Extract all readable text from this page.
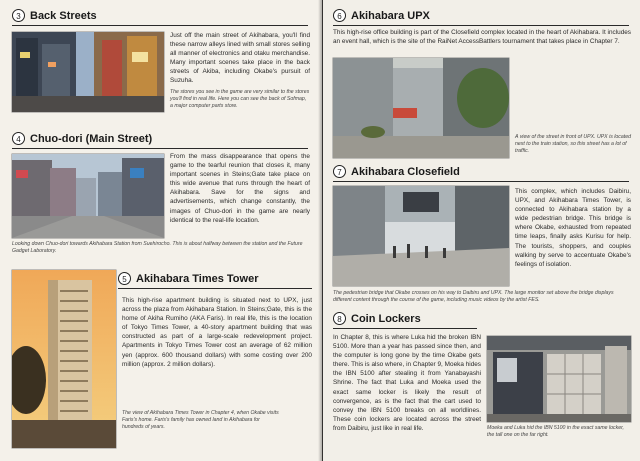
3 Back Streets
Just off the main street of Akihabara, you'll find these narrow alleys lined with small stores selling all manner of electronics and otaku merchandise. Many important scenes take place in the back streets of Akiba, including Okabe's pursuit of Suzuha.
The stores you see in the game are very similar to the stores you'll find in real life. Here you can see the back of Sofmap, a major computer parts store.
4 Chuo-dori (Main Street)
From the mass disappearance that opens the game to the tearful reunion that closes it, many important scenes in Steins;Gate take place on this wide avenue that runs through the heart of Akihabara. Save for the signs and advertisements, which change constantly, the images of Chuo-dori in the game are nearly identical to the real-life location.
Looking down Chuo-dori towards Akihabara Station from Suehirocho. This is about halfway between the station and the Future Gadget Laboratory.
5 Akihabara Times Tower
This high-rise apartment building is situated next to UPX, just across the plaza from Akihabara Station. In Steins;Gate, this is the home of Akiha Rumiho (AKA Faris). In real life, this is the location of Tokyo Times Tower, a 40-story apartment building that was constructed as part of a large-scale redevelopment project. Apartments in Tokyo Times Tower cost an average of 62 million yen (approx. 600 thousand dollars) with some costing over 200 million (approx. 2 million dollars).
The view of Akihabara Times Tower in Chapter 4, when Okabe visits Faris's home. Faris's family has owned land in Akihabara for hundreds of years.
6 Akihabara UPX
This high-rise office building is part of the Closefield complex located in the heart of Akihabara. It includes an event hall, which is the site of the RaiNet AccessBattlers tournament that takes place in Chapter 7.
A view of the street in front of UPX. UPX is located next to the train station, so this street has a lot of traffic.
7 Akihabara Closefield
This complex, which includes Daibiru, UPX, and Akihabara Times Tower, is connected to Akihabara station by a wide pedestrian bridge. This bridge is where Okabe, exhausted from repeated time leaps, finally asks Kurisu for help. The tourists, shoppers, and couples walking by serve to accentuate Okabe's feelings of isolation.
The pedestrian bridge that Okabe crosses on his way to Daibiru and UPX. The large monitor set above the bridge displays different content through the course of the game, including music videos by the artist FES.
8 Coin Lockers
In Chapter 8, this is where Luka hid the broken IBN 5100. More than a year has passed since then, and the computer is long gone by the time Okabe gets there. This is also where, in Chapter 9, Moeka hides the IBN 5100 after stealing it from Yanabayashi Shrine. The fact that Luka and Moeka used the exact same locker is likely the result of convergence, as is the fact that the cart used to convey the IBN 5100 breaks on all worldlines. These coin lockers are located across the street from Daibiru, just like in real life.	Moeka and Luka hid the IBN 5100 in the exact same locker, the tall one on the far right.
